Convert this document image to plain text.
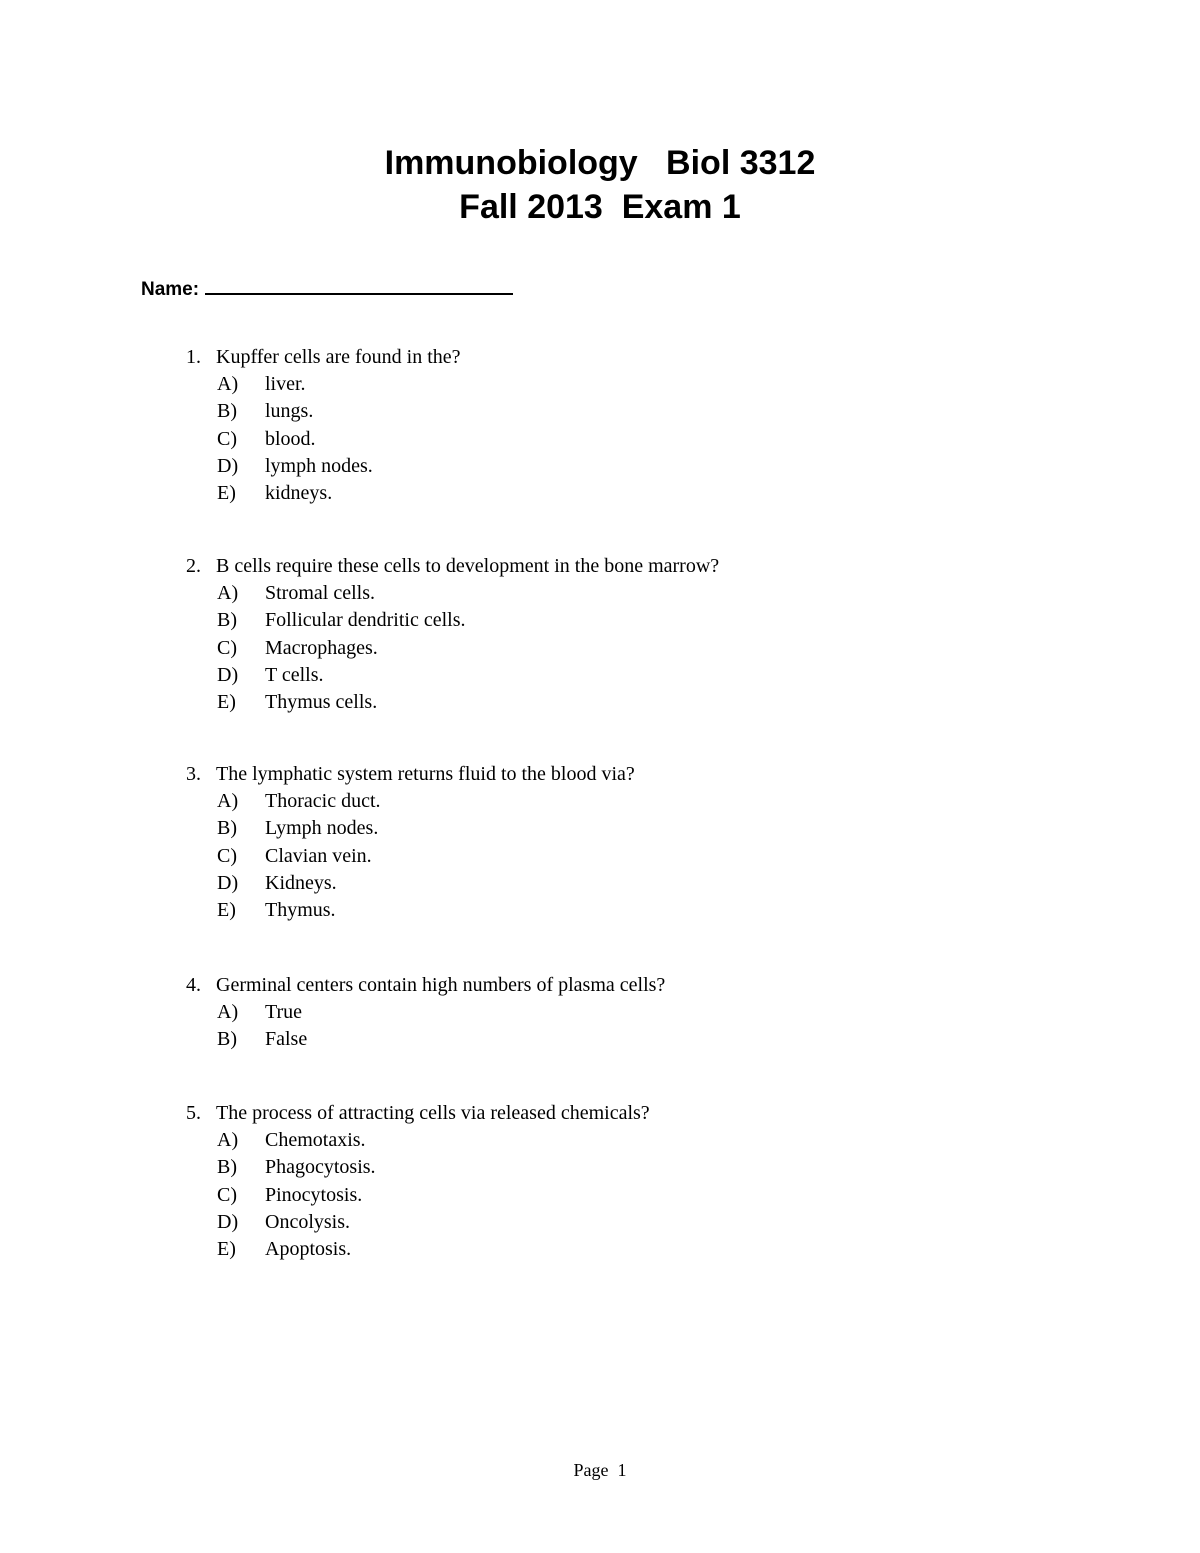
Immunobiology   Biol 3312
Fall 2013  Exam 1
Name:
1. Kupffer cells are found in the?
A) liver.
B) lungs.
C) blood.
D) lymph nodes.
E) kidneys.
2. B cells require these cells to development in the bone marrow?
A) Stromal cells.
B) Follicular dendritic cells.
C) Macrophages.
D) T cells.
E) Thymus cells.
3. The lymphatic system returns fluid to the blood via?
A) Thoracic duct.
B) Lymph nodes.
C) Clavian vein.
D) Kidneys.
E) Thymus.
4. Germinal centers contain high numbers of plasma cells?
A) True
B) False
5. The process of attracting cells via released chemicals?
A) Chemotaxis.
B) Phagocytosis.
C) Pinocytosis.
D) Oncolysis.
E) Apoptosis.
Page  1
